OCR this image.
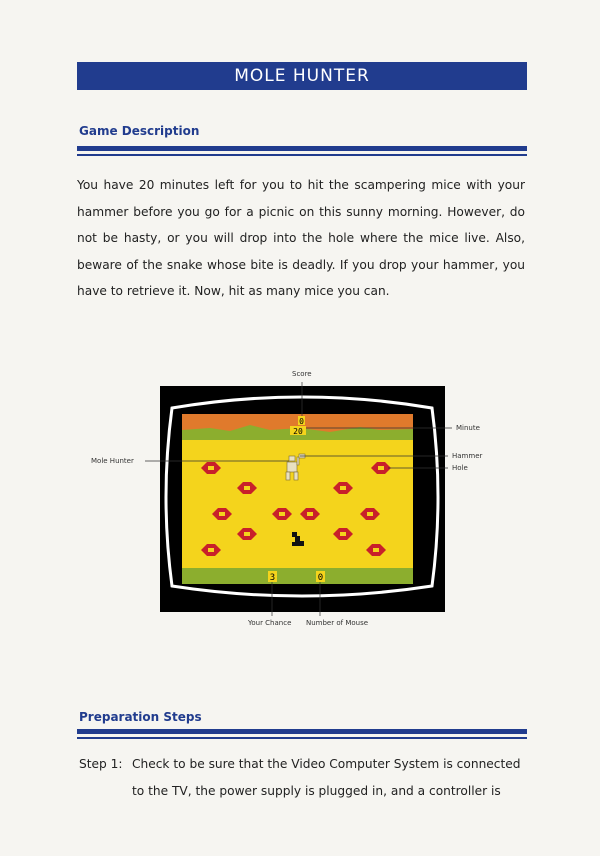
MOLE HUNTER
Game Description
You have 20 minutes left for you to hit the scampering mice with your hammer before you go for a picnic on this sunny morning. However, do not be hasty, or you will drop into the hole where the mice live. Also, beware of the snake whose bite is deadly. If you drop your hammer, you have to retrieve it. Now, hit as many mice you can.
0
20
3	0
Score
Minute
Mole Hunter
Hammer
Hole
Your Chance Number of Mouse
Preparation Steps
Step 1: Check to be sure that the Video Computer System is connected
to the TV, the power supply is plugged in, and a controller is
